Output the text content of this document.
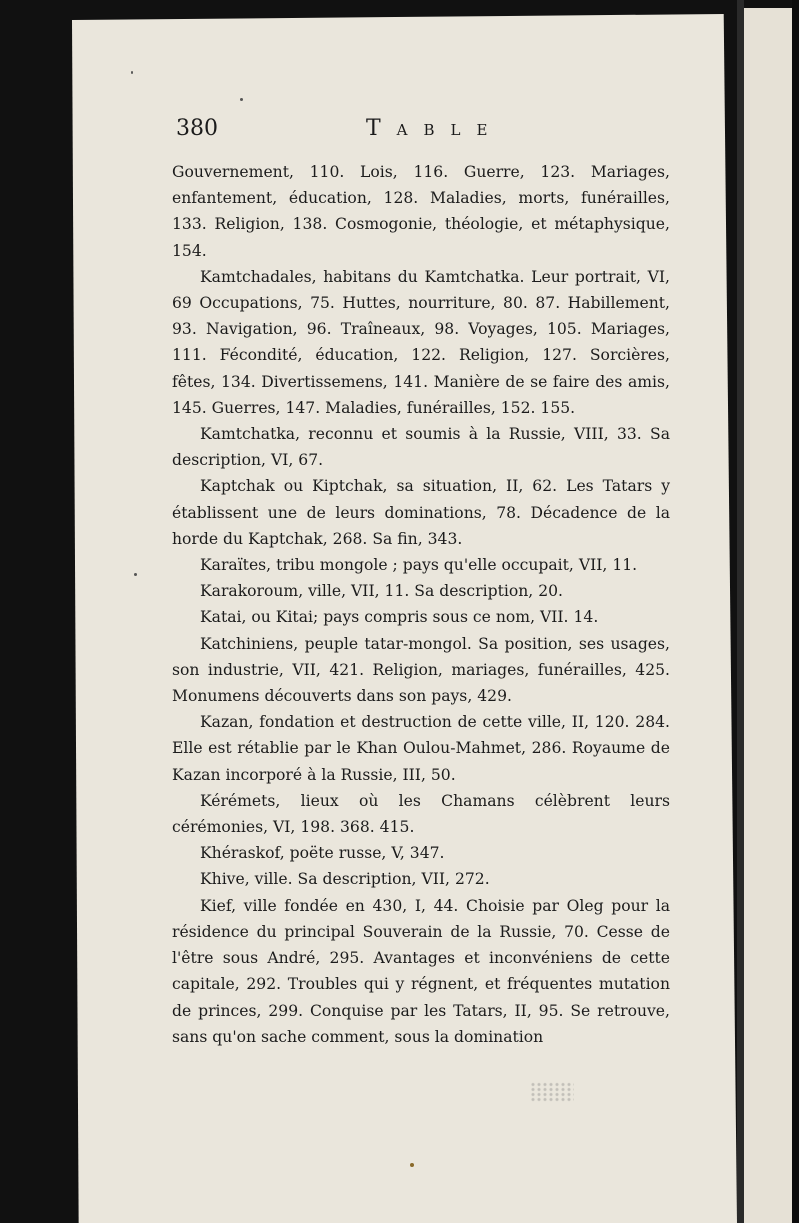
380	Table

Gouvernement, 110. Lois, 116. Guerre, 123. Mariages, enfantement, éducation, 128. Maladies, morts, funérailles, 133. Religion, 138. Cosmogonie, théologie, et métaphysique, 154.

Kamtchadales, habitans du Kamtchatka. Leur portrait, VI, 69 Occupations, 75. Huttes, nourriture, 80. 87. Habillement, 93. Navigation, 96. Traîneaux, 98. Voyages, 105. Mariages, 111. Fécondité, éducation, 122. Religion, 127. Sorcières, fêtes, 134. Divertissemens, 141. Manière de se faire des amis, 145. Guerres, 147. Maladies, funérailles, 152. 155.

Kamtchatka, reconnu et soumis à la Russie, VIII, 33. Sa description, VI, 67.

Kaptchak ou Kiptchak, sa situation, II, 62. Les Tatars y établissent une de leurs dominations, 78. Décadence de la horde du Kaptchak, 268. Sa fin, 343.

Karaïtes, tribu mongole ; pays qu'elle occupait, VII, 11.

Karakoroum, ville, VII, 11. Sa description, 20.

Katai, ou Kitai; pays compris sous ce nom, VII. 14.

Katchiniens, peuple tatar-mongol. Sa position, ses usages, son industrie, VII, 421. Religion, mariages, funérailles, 425. Monumens découverts dans son pays, 429.

Kazan, fondation et destruction de cette ville, II, 120. 284. Elle est rétablie par le Khan Oulou-Mahmet, 286. Royaume de Kazan incorporé à la Russie, III, 50.

Kérémets, lieux où les Chamans célèbrent leurs cérémonies, VI, 198. 368. 415.

Khéraskof, poëte russe, V, 347.

Khive, ville. Sa description, VII, 272.

Kief, ville fondée en 430, I, 44. Choisie par Oleg pour la résidence du principal Souverain de la Russie, 70. Cesse de l'être sous André, 295. Avantages et inconvéniens de cette capitale, 292. Troubles qui y régnent, et fréquentes mutation de princes, 299. Conquise par les Tatars, II, 95. Se retrouve, sans qu'on sache comment, sous la domination
